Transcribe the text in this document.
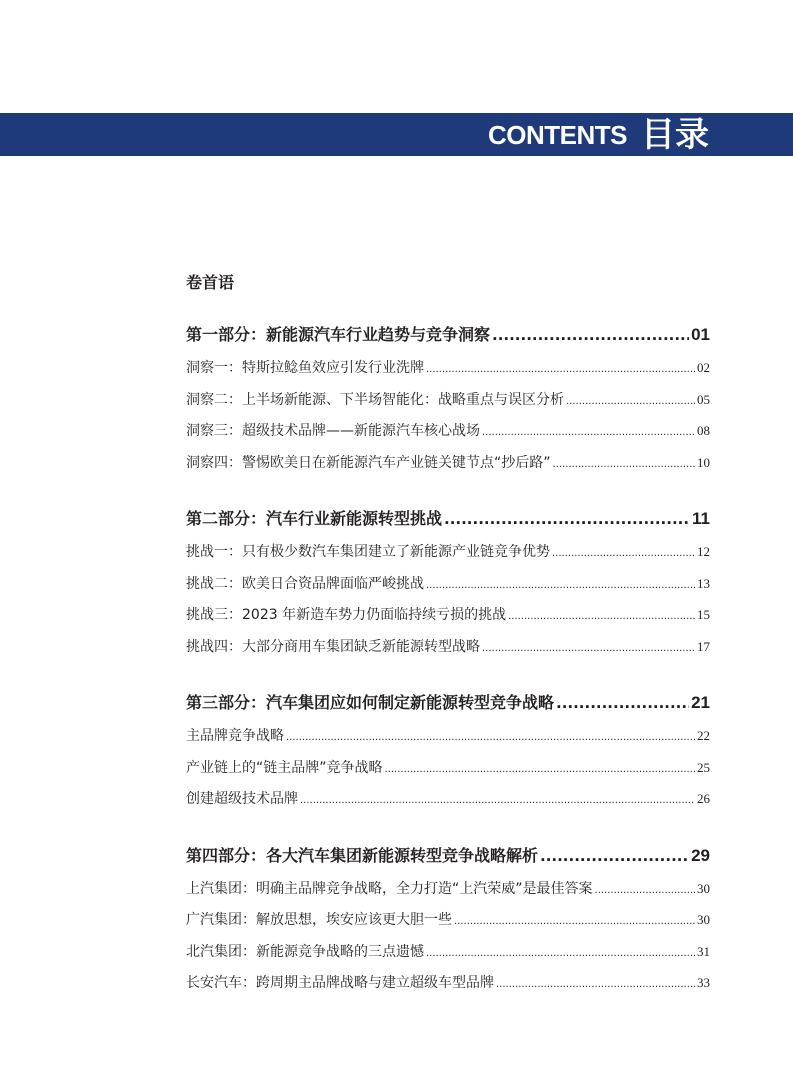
CONTENTS 目录
卷首语
第一部分：新能源汽车行业趋势与竞争洞察 .....	01
洞察一：特斯拉鲶鱼效应引发行业洗牌 .....	02
洞察二：上半场新能源、下半场智能化：战略重点与误区分析 .....	05
洞察三：超级技术品牌——新能源汽车核心战场 .....	08
洞察四：警惕欧美日在新能源汽车产业链关键节点“抄后路” .....	10
第二部分：汽车行业新能源转型挑战 .....	11
挑战一：只有极少数汽车集团建立了新能源产业链竞争优势 .....	12
挑战二：欧美日合资品牌面临严峻挑战 .....	13
挑战三：2023 年新造车势力仍面临持续亏损的挑战 .....	15
挑战四：大部分商用车集团缺乏新能源转型战略 .....	17
第三部分：汽车集团应如何制定新能源转型竞争战略 .....	21
主品牌竞争战略 .....	22
产业链上的“链主品牌”竞争战略 .....	25
创建超级技术品牌 .....	26
第四部分：各大汽车集团新能源转型竞争战略解析 .....	29
上汽集团：明确主品牌竞争战略，全力打造“上汽荣威”是最佳答案 .....	30
广汽集团：解放思想，埃安应该更大胆一些 .....	30
北汽集团：新能源竞争战略的三点遗憾 .....	31
长安汽车：跨周期主品牌战略与建立超级车型品牌 .....	33
